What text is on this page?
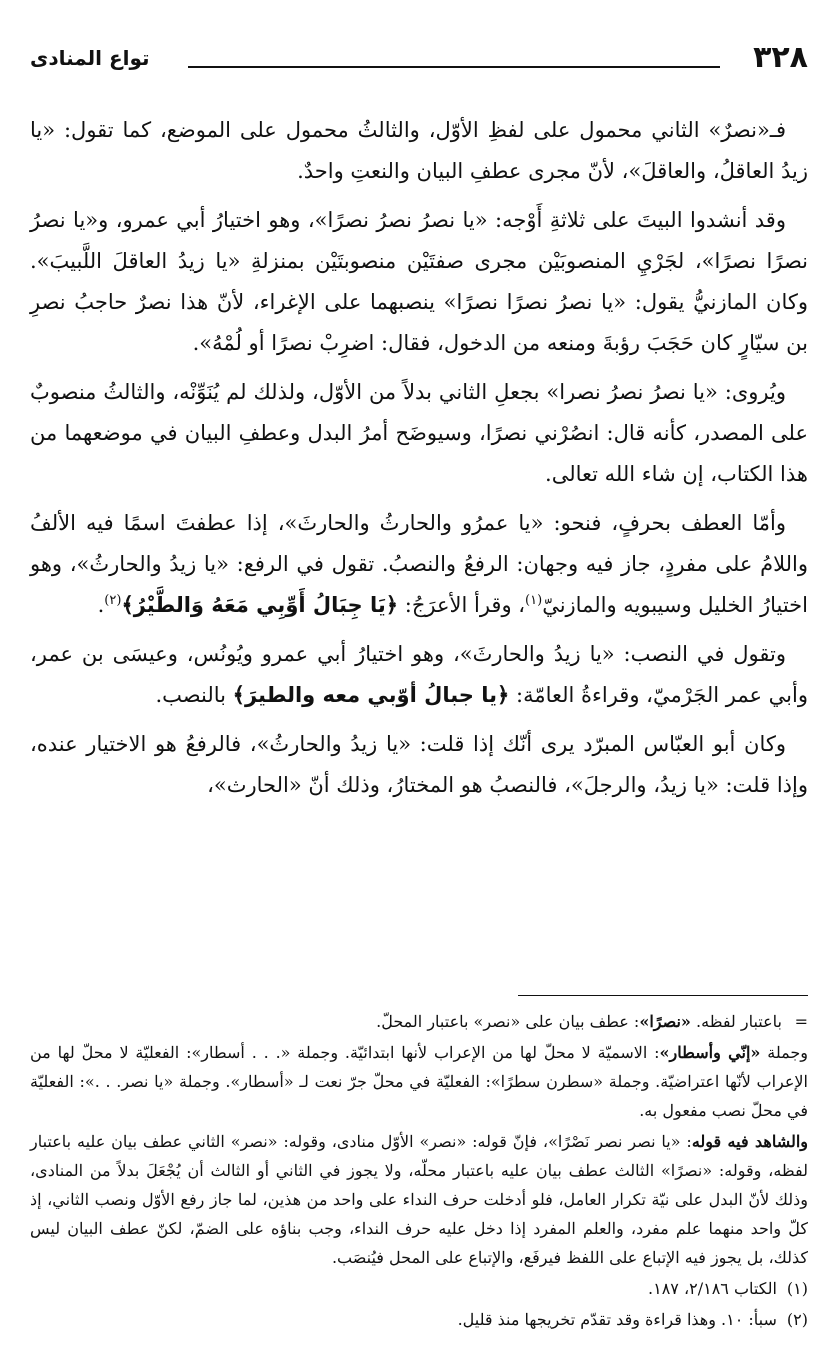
٣٢٨
تواع المنادى

فـ«نصرٌ» الثاني محمول على لفظِ الأوّل، والثالثُ محمول على الموضع، كما تقول: «يا زيدُ العاقلُ، والعاقلَ»، لأنّ مجرى عطفِ البيان والنعتِ واحدٌ.

وقد أنشدوا البيتَ على ثلاثةِ أَوْجه: «يا نصرُ نصرُ نصرًا»، وهو اختيارُ أبي عمرو، و«يا نصرُ نصرًا نصرًا»، لجَرْيِ المنصوبَيْن مجرى صفتَيْن منصوبتَيْن بمنزلةِ «يا زيدُ العاقلَ اللَّبيبَ». وكان المازنيُّ يقول: «يا نصرُ نصرًا نصرًا» ينصبهما على الإغراء، لأنّ هذا نصرٌ حاجبُ نصرِ بن سيّارٍ كان حَجَبَ رؤبةَ ومنعه من الدخول، فقال: اضرِبْ نصرًا أو لُمْهُ».

ويُروى: «يا نصرُ نصرُ نصرا» بجعلِ الثاني بدلاً من الأوّل، ولذلك لم يُنَوِّنْه، والثالثُ منصوبٌ على المصدر، كأنه قال: انصُرْني نصرًا، وسيوضَح أمرُ البدل وعطفِ البيان في موضعهما من هذا الكتاب، إن شاء الله تعالى.

وأمّا العطف بحرفٍ، فنحو: «يا عمرُو والحارثُ والحارثَ»، إذا عطفتَ اسمًا فيه الألفُ واللامُ على مفردٍ، جاز فيه وجهان: الرفعُ والنصبُ. تقول في الرفع: «يا زيدُ والحارثُ»، وهو اختيارُ الخليل وسيبويه والمازنيّ$^{(١)}$، وقرأ الأعرَجُ: ﴿يَا جِبَالُ أَوِّبِي مَعَهُ وَالطَّيْرُ﴾$^{(٢)}$.

وتقول في النصب: «يا زيدُ والحارثَ»، وهو اختيارُ أبي عمرو ويُونُس، وعيسَى بن عمر، وأبي عمر الجَرْميّ، وقراءةُ العامّة: ﴿يا جبالُ أوّبي معه والطيرَ﴾ بالنصب.

وكان أبو العبّاس المبرّد يرى أنّك إذا قلت: «يا زيدُ والحارثُ»، فالرفعُ هو الاختيار عنده، وإذا قلت: «يا زيدُ، والرجلَ»، فالنصبُ هو المختارُ، وذلك أنّ «الحارث»،

=
باعتبار لفظه. «نصرًا»: عطف بيان على «نصر» باعتبار المحلّ.

وجملة «إنّي وأسطار»: الاسميّة لا محلّ لها من الإعراب لأنها ابتدائيّة. وجملة «. . . أسطار»: الفعليّة لا محلّ لها من الإعراب لأنّها اعتراضيّة. وجملة «سطرن سطرًا»: الفعليّة في محلّ جرّ نعت لـ «أسطار». وجملة «يا نصر. . .»: الفعليّة في محلّ نصب مفعول به.

والشاهد فيه قوله: «يا نصر نصر نَصْرًا»، فإنّ قوله: «نصر» الأوّل منادى، وقوله: «نصر» الثاني عطف بيان عليه باعتبار لفظه، وقوله: «نصرًا» الثالث عطف بيان عليه باعتبار محلّه، ولا يجوز في الثاني أو الثالث أن يُجْعَلَ بدلاً من المنادى، وذلك لأنّ البدل على نيّة تكرار العامل، فلو أدخلت حرف النداء على واحد من هذين، لما جاز رفع الأوّل ونصب الثاني، إذ كلّ واحد منهما علم مفرد، والعلم المفرد إذا دخل عليه حرف النداء، وجب بناؤه على الضمّ، لكنّ عطف البيان ليس كذلك، بل يجوز فيه الإتباع على اللفظ فيرفَع، والإتباع على المحل فيُنصَب.

(١)
الكتاب ٢/١٨٦، ١٨٧.

(٢)
سبأ: ١٠. وهذا قراءة وقد تقدّم تخريجها منذ قليل.
